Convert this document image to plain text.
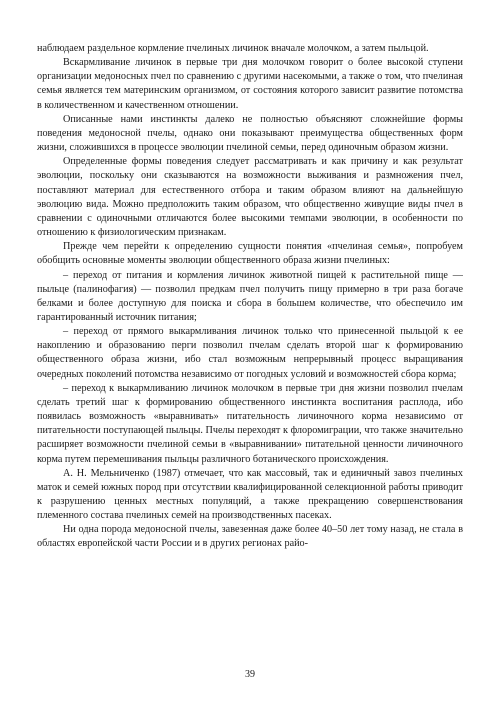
наблюдаем раздельное кормление пчелиных личинок вначале молочком, а затем пыльцой.

Вскармливание личинок в первые три дня молочком говорит о более высокой ступени организации медоносных пчел по сравнению с другими насекомыми, а также о том, что пчелиная семья является тем материнским организмом, от состояния которого зависит развитие потомства в количественном и качественном отношении.

Описанные нами инстинкты далеко не полностью объясняют сложнейшие формы поведения медоносной пчелы, однако они показывают преимущества общественных форм жизни, сложившихся в процессе эволюции пчелиной семьи, перед одиночным образом жизни.

Определенные формы поведения следует рассматривать и как причину и как результат эволюции, поскольку они сказываются на возможности выживания и размножения пчел, поставляют материал для естественного отбора и таким образом влияют на дальнейшую эволюцию вида. Можно предположить таким образом, что общественно живущие виды пчел в сравнении с одиночными отличаются более высокими темпами эволюции, в особенности по отношению к физиологическим признакам.

Прежде чем перейти к определению сущности понятия «пчелиная семья», попробуем обобщить основные моменты эволюции общественного образа жизни пчелиных:

– переход от питания и кормления личинок животной пищей к растительной пище — пыльце (палинофагия) — позволил предкам пчел получить пищу примерно в три раза богаче белками и более доступную для поиска и сбора в большем количестве, что обеспечило им гарантированный источник питания;

– переход от прямого выкармливания личинок только что принесенной пыльцой к ее накоплению и образованию перги позволил пчелам сделать второй шаг к формированию общественного образа жизни, ибо стал возможным непрерывный процесс выращивания очередных поколений потомства независимо от погодных условий и возможностей сбора корма;

– переход к выкармливанию личинок молочком в первые три дня жизни позволил пчелам сделать третий шаг к формированию общественного инстинкта воспитания расплода, ибо появилась возможность «выравнивать» питательность личиночного корма независимо от питательности поступающей пыльцы. Пчелы переходят к флоромиграции, что также значительно расширяет возможности пчелиной семьи в «выравнивании» питательной ценности личиночного корма путем перемешивания пыльцы различного ботанического происхождения.

А. Н. Мельниченко (1987) отмечает, что как массовый, так и единичный завоз пчелиных маток и семей южных пород при отсутствии квалифицированной селекционной работы приводит к разрушению ценных местных популяций, а также прекращению совершенствования племенного состава пчелиных семей на производственных пасеках.

Ни одна порода медоносной пчелы, завезенная даже более 40–50 лет тому назад, не стала в областях европейской части России и в других регионах райо-

39
